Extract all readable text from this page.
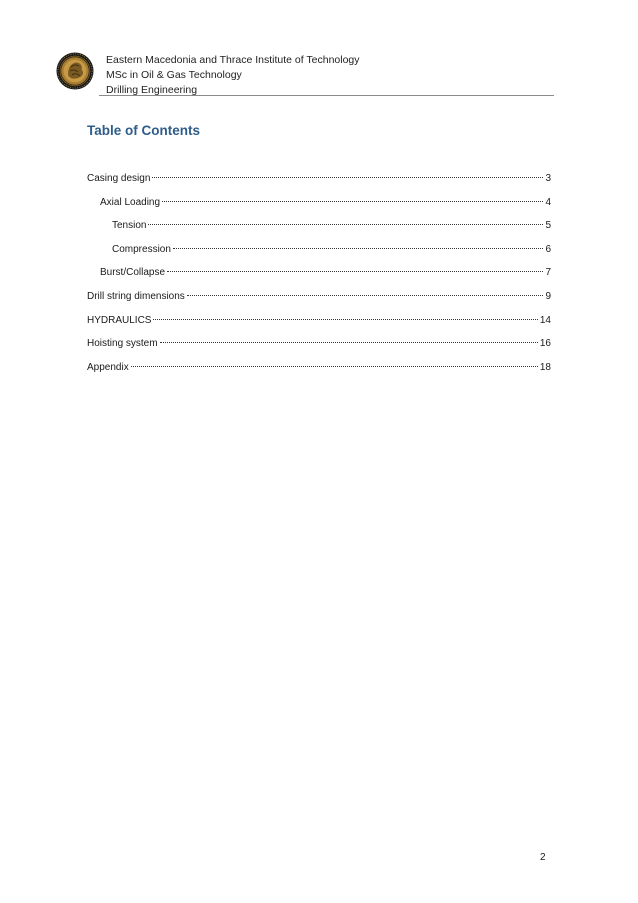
Eastern Macedonia and Thrace Institute of Technology
MSc in Oil & Gas Technology
Drilling Engineering
Table of Contents
Casing design	3
Axial Loading	4
Tension	5
Compression	6
Burst/Collapse	7
Drill string dimensions	9
HYDRAULICS	14
Hoisting system	16
Appendix	18
2
